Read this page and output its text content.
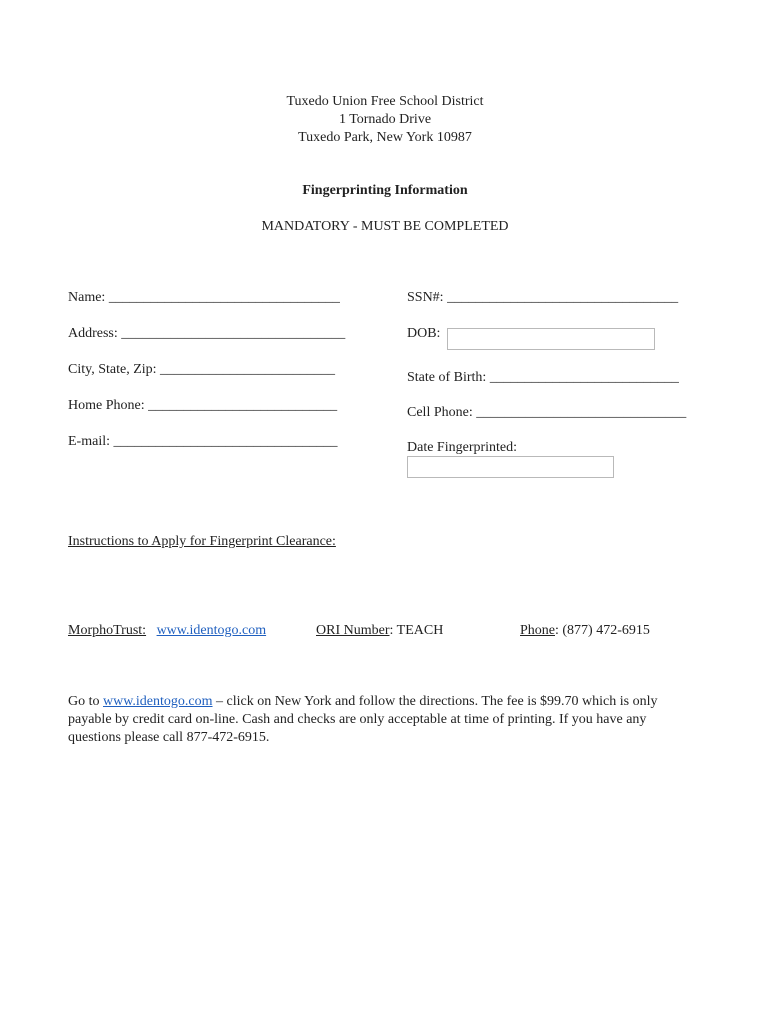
Tuxedo Union Free School District
1 Tornado Drive
Tuxedo Park, New York 10987
Fingerprinting Information
MANDATORY - MUST BE COMPLETED
Name: _________________________________
Address: ________________________________
City, State, Zip: _________________________
Home Phone: ___________________________
E-mail: ________________________________
SSN#: _________________________________
DOB:
State of Birth: ___________________________
Cell Phone: ______________________________
Date Fingerprinted:
Instructions to Apply for Fingerprint Clearance:
MorphoTrust: www.identogo.com	ORI Number: TEACH	Phone: (877) 472-6915
Go to www.identogo.com – click on New York and follow the directions. The fee is $99.70 which is only payable by credit card on-line. Cash and checks are only acceptable at time of printing. If you have any questions please call 877-472-6915.
